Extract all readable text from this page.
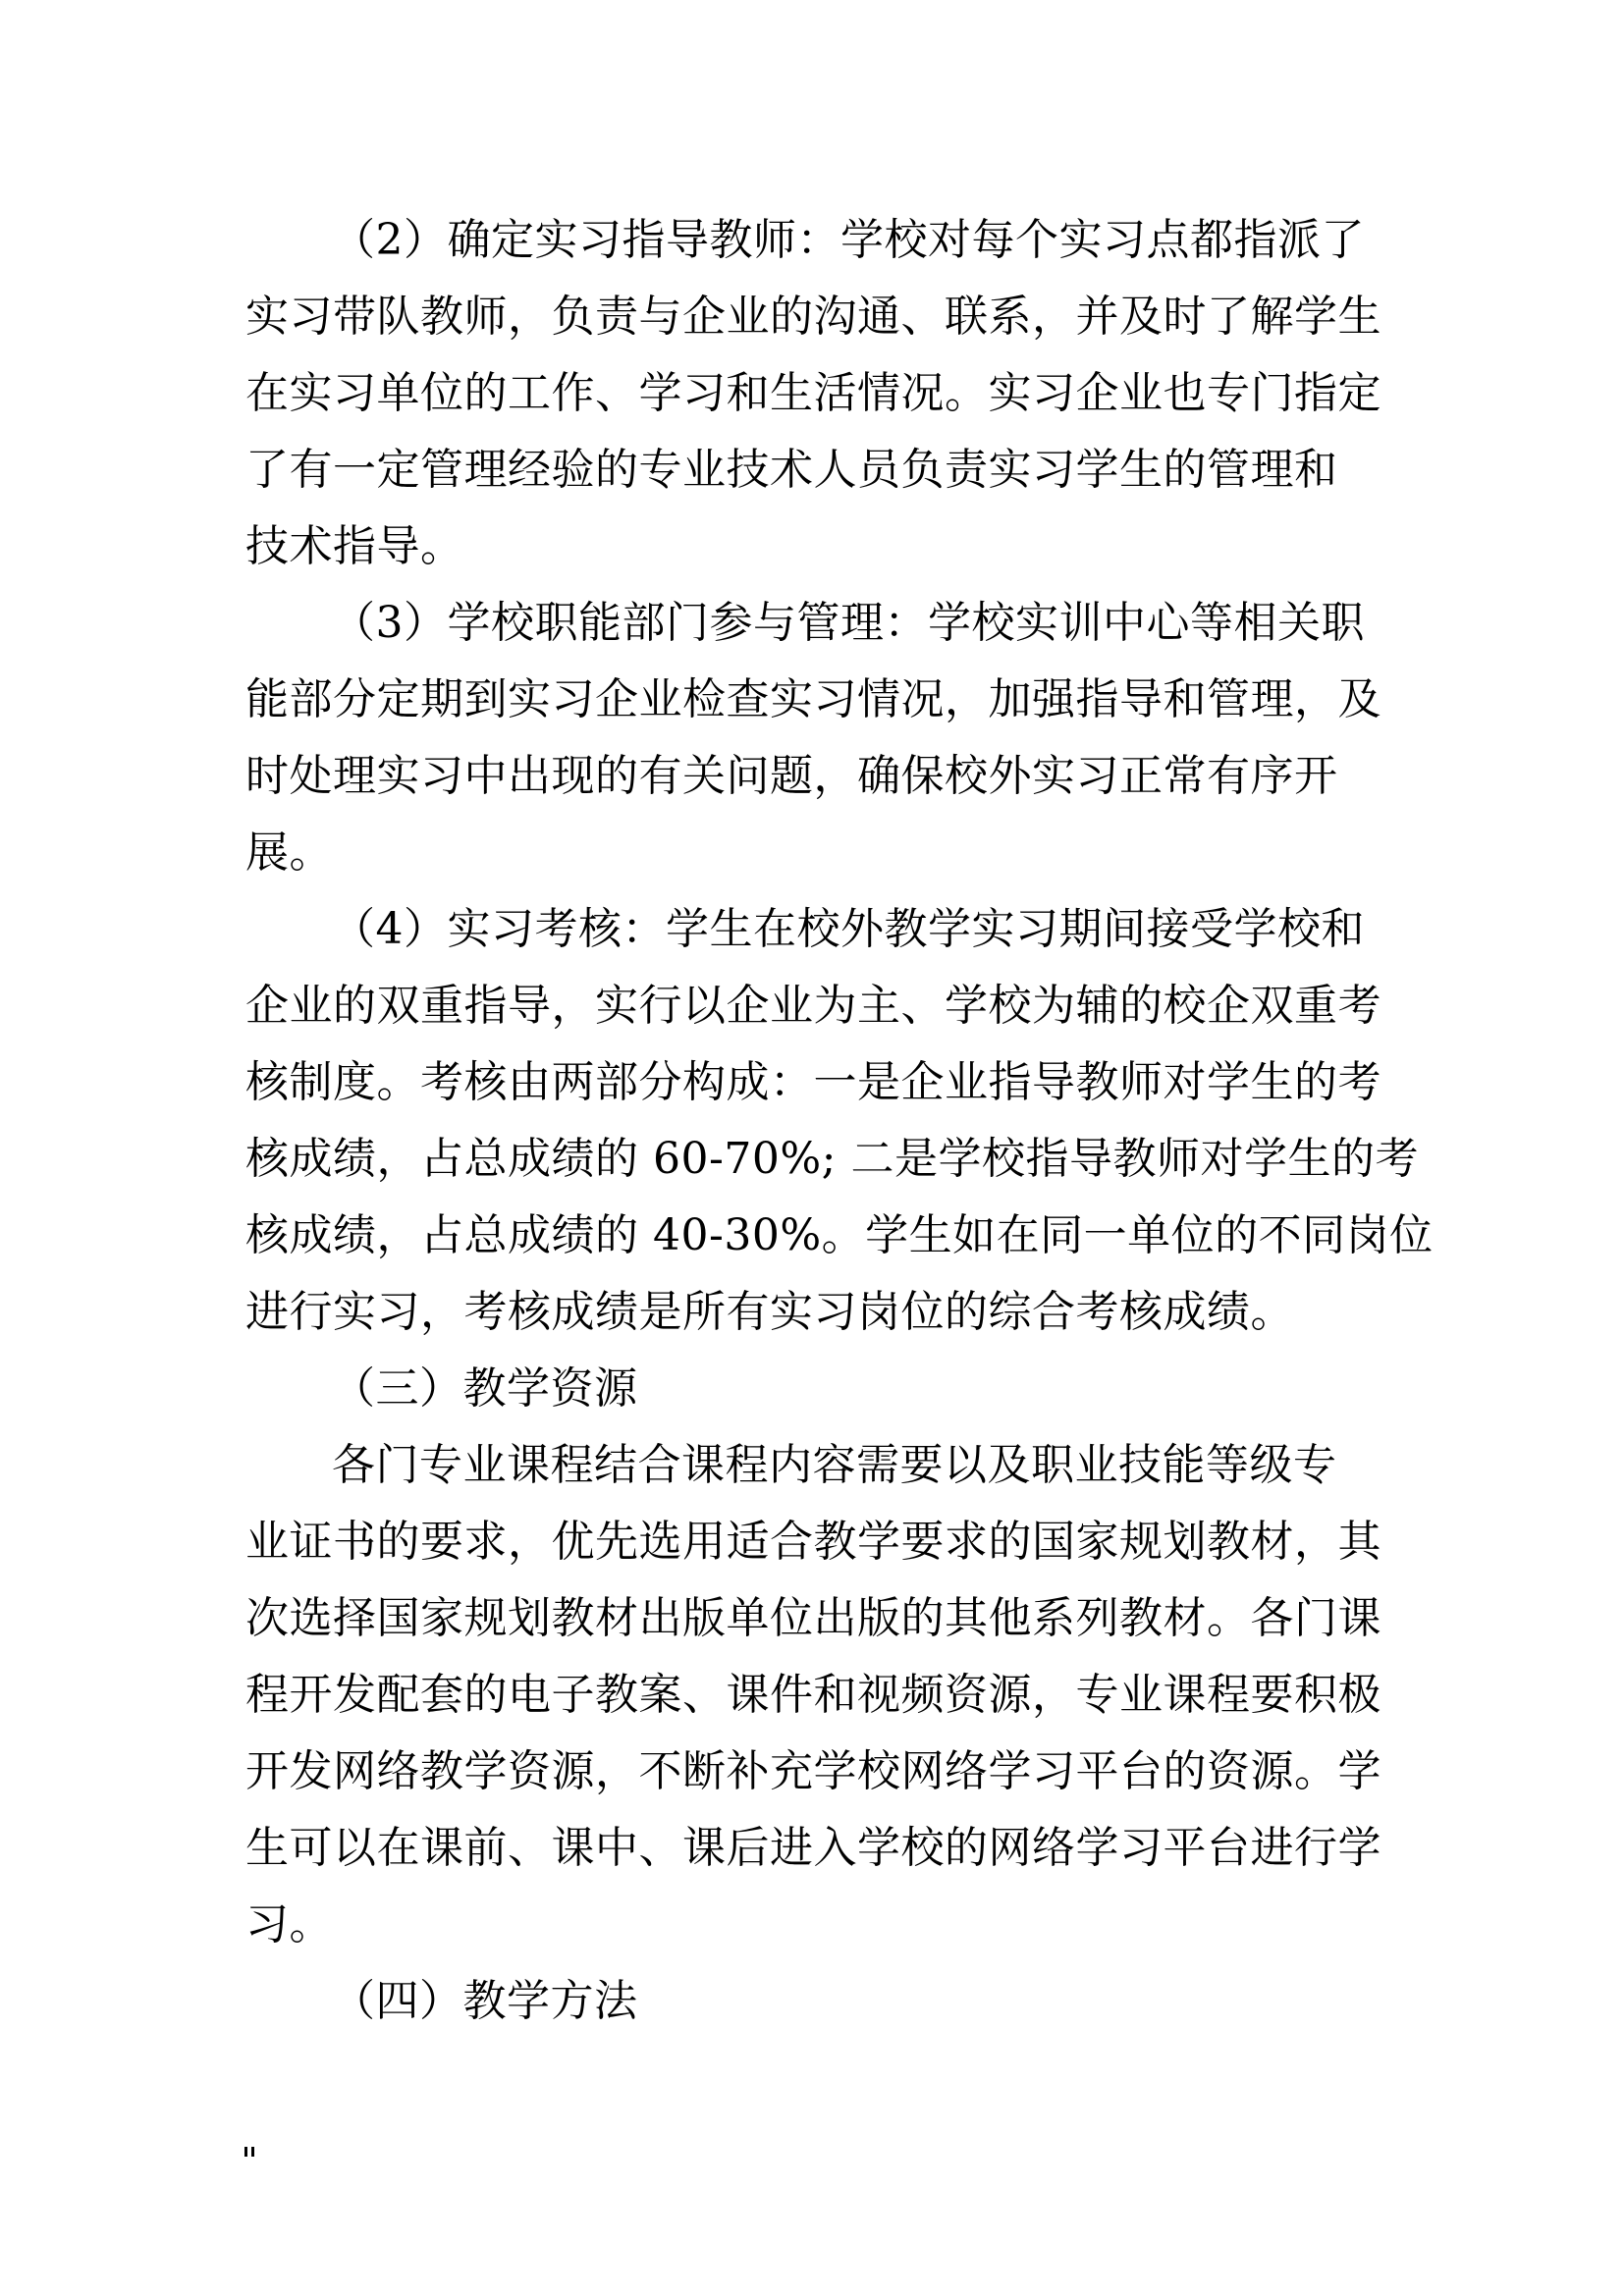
（2）确定实习指导教师：学校对每个实习点都指派了
实习带队教师，负责与企业的沟通、联系，并及时了解学生
在实习单位的工作、学习和生活情况。实习企业也专门指定
了有一定管理经验的专业技术人员负责实习学生的管理和
技术指导。
（3）学校职能部门参与管理：学校实训中心等相关职
能部分定期到实习企业检查实习情况，加强指导和管理，及
时处理实习中出现的有关问题，确保校外实习正常有序开
展。
（4）实习考核：学生在校外教学实习期间接受学校和
企业的双重指导，实行以企业为主、学校为辅的校企双重考
核制度。考核由两部分构成：一是企业指导教师对学生的考
核成绩，占总成绩的 60-70%; 二是学校指导教师对学生的考
核成绩，占总成绩的 40-30%。学生如在同一单位的不同岗位
进行实习，考核成绩是所有实习岗位的综合考核成绩。
（三）教学资源
各门专业课程结合课程内容需要以及职业技能等级专
业证书的要求，优先选用适合教学要求的国家规划教材，其
次选择国家规划教材出版单位出版的其他系列教材。各门课
程开发配套的电子教案、课件和视频资源，专业课程要积极
开发网络教学资源，不断补充学校网络学习平台的资源。学
生可以在课前、课中、课后进入学校的网络学习平台进行学
习。
（四）教学方法
